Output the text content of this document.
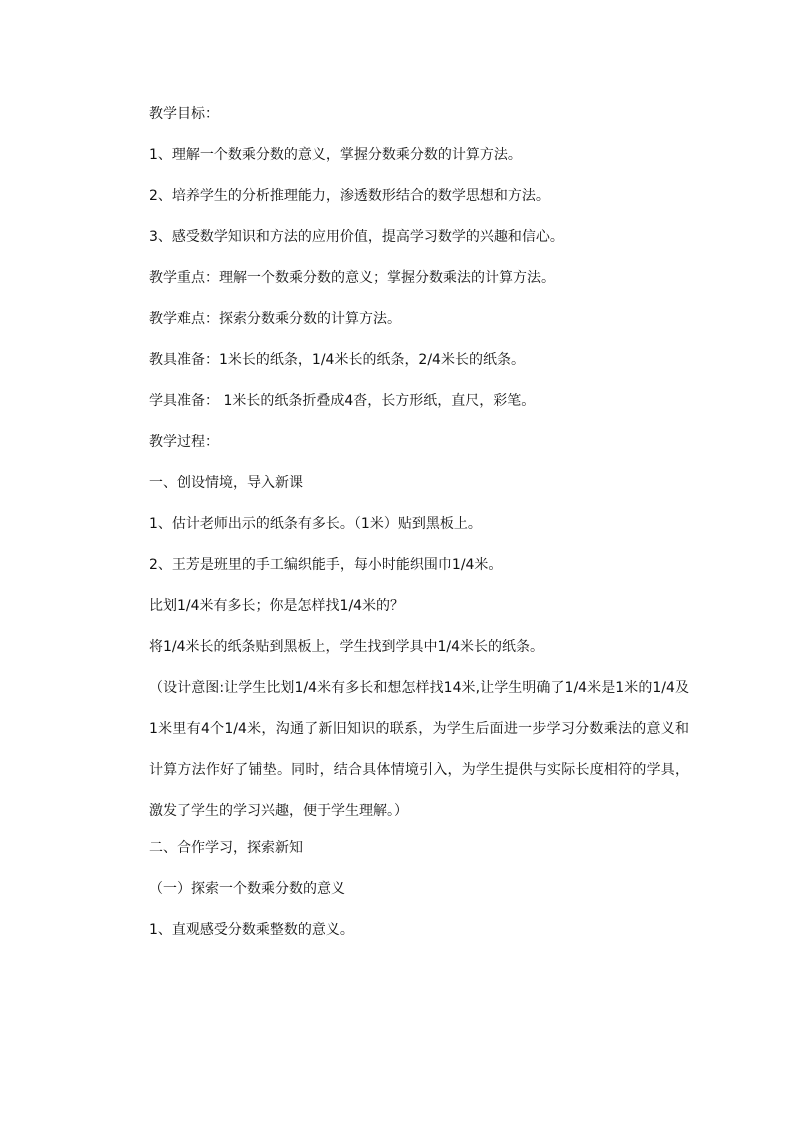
教学目标：

1、理解一个数乘分数的意义，掌握分数乘分数的计算方法。

2、培养学生的分析推理能力，渗透数形结合的数学思想和方法。

3、感受数学知识和方法的应用价值，提高学习数学的兴趣和信心。

教学重点：理解一个数乘分数的意义；掌握分数乘法的计算方法。

教学难点：探索分数乘分数的计算方法。

教具准备：1米长的纸条，1/4米长的纸条，2/4米长的纸条。

学具准备： 1米长的纸条折叠成4沓，长方形纸，直尺，彩笔。

教学过程：

一、创设情境，导入新课

1、估计老师出示的纸条有多长。（1米）贴到黑板上。

2、王芳是班里的手工编织能手，每小时能织围巾1/4米。

比划1/4米有多长；你是怎样找1/4米的？

将1/4米长的纸条贴到黑板上，学生找到学具中1/4米长的纸条。

（设计意图:让学生比划1/4米有多长和想怎样找14米,让学生明确了1/4米是1米的1/4及1米里有4个1/4米，沟通了新旧知识的联系，为学生后面进一步学习分数乘法的意义和计算方法作好了铺垫。同时，结合具体情境引入，为学生提供与实际长度相符的学具，激发了学生的学习兴趣，便于学生理解。）

二、合作学习，探索新知

（一）探索一个数乘分数的意义

1、直观感受分数乘整数的意义。
